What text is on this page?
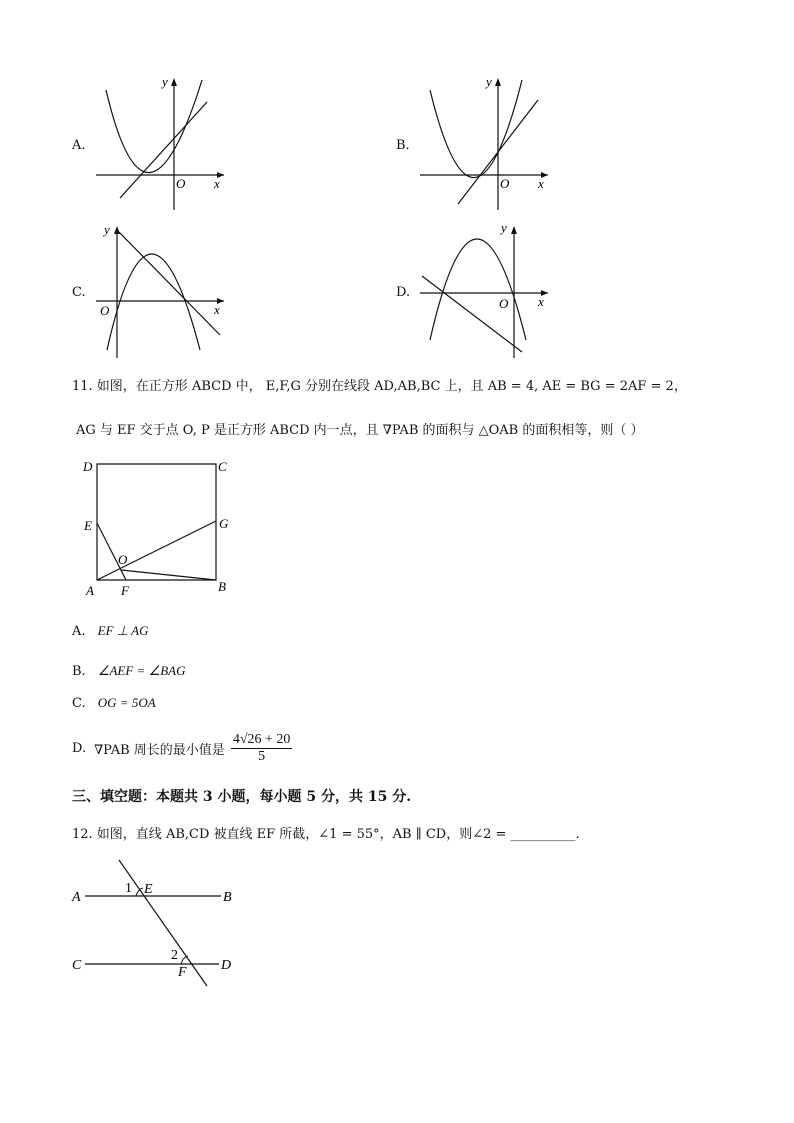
A.
x
y
O
B.
x
y
O
C.
x
y
O
D.
x
y
O
11. 如图，在正方形 ABCD 中， E,F,G 分别在线段 AD,AB,BC 上，且 AB = 4, AE = BG = 2AF = 2，
AG 与 EF 交于点 O, P 是正方形 ABCD 内一点，且 ∇PAB 的面积与 △OAB 的面积相等，则（ ）
D	C
E	G
O
A F	B
A. EF ⊥ AG
B. ∠AEF = ∠BAG
C. OG = 5OA
D. ∇PAB 周长的最小值是 $\frac{4√26 + 20}{5}$
三、填空题：本题共 3 小题，每小题 5 分，共 15 分.
12. 如图，直线 AB,CD 被直线 EF 所截，∠1 = 55°，AB ∥ CD，则∠2 = __________.
A	B
C	D
E
F
1
2
